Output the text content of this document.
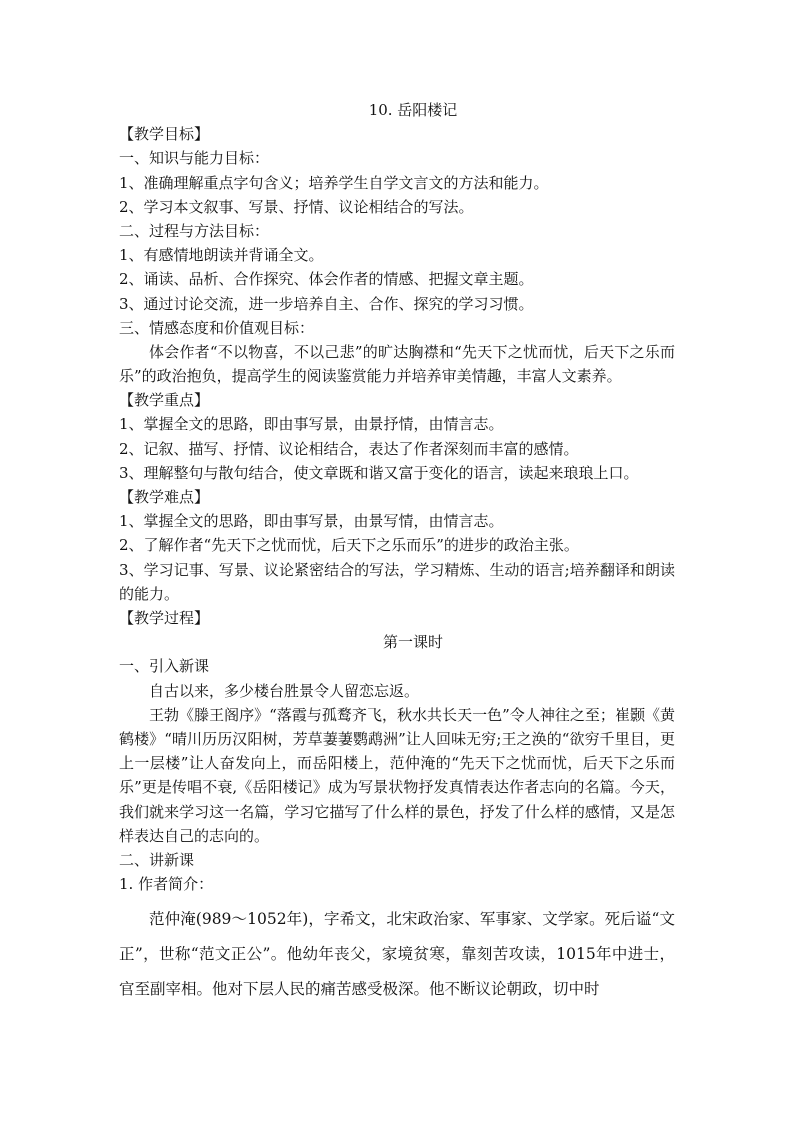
10. 岳阳楼记
【教学目标】
一、知识与能力目标：
1、准确理解重点字句含义；培养学生自学文言文的方法和能力。
2、学习本文叙事、写景、抒情、议论相结合的写法。
二、过程与方法目标：
1、有感情地朗读并背诵全文。
2、诵读、品析、合作探究、体会作者的情感、把握文章主题。
3、通过讨论交流，进一步培养自主、合作、探究的学习习惯。
三、情感态度和价值观目标：
体会作者“不以物喜，不以己悲”的旷达胸襟和“先天下之忧而忧，后天下之乐而乐”的政治抱负，提高学生的阅读鉴赏能力并培养审美情趣，丰富人文素养。
【教学重点】
1、掌握全文的思路，即由事写景，由景抒情，由情言志。
2、记叙、描写、抒情、议论相结合，表达了作者深刻而丰富的感情。
3、理解整句与散句结合，使文章既和谐又富于变化的语言，读起来琅琅上口。
【教学难点】
1、掌握全文的思路，即由事写景，由景写情，由情言志。
2、了解作者“先天下之忧而忧，后天下之乐而乐”的进步的政治主张。
3、学习记事、写景、议论紧密结合的写法，学习精炼、生动的语言;培养翻译和朗读的能力。
【教学过程】
第一课时
一、引入新课
自古以来，多少楼台胜景令人留恋忘返。
王勃《滕王阁序》“落霞与孤鹜齐飞，秋水共长天一色”令人神往之至；崔颢《黄鹤楼》“晴川历历汉阳树，芳草萋萋鹦鹉洲”让人回味无穷;王之涣的“欲穷千里目，更上一层楼”让人奋发向上，而岳阳楼上，范仲淹的“先天下之忧而忧，后天下之乐而乐”更是传唱不衰,《岳阳楼记》成为写景状物抒发真情表达作者志向的名篇。今天，我们就来学习这一名篇，学习它描写了什么样的景色，抒发了什么样的感情，又是怎样表达自己的志向的。
二、讲新课
1. 作者简介：
范仲淹(989～1052年)，字希文，北宋政治家、军事家、文学家。死后谥“文正”，世称“范文正公”。他幼年丧父，家境贫寒，靠刻苦攻读，1015年中进士，官至副宰相。他对下层人民的痛苦感受极深。他不断议论朝政，切中时
